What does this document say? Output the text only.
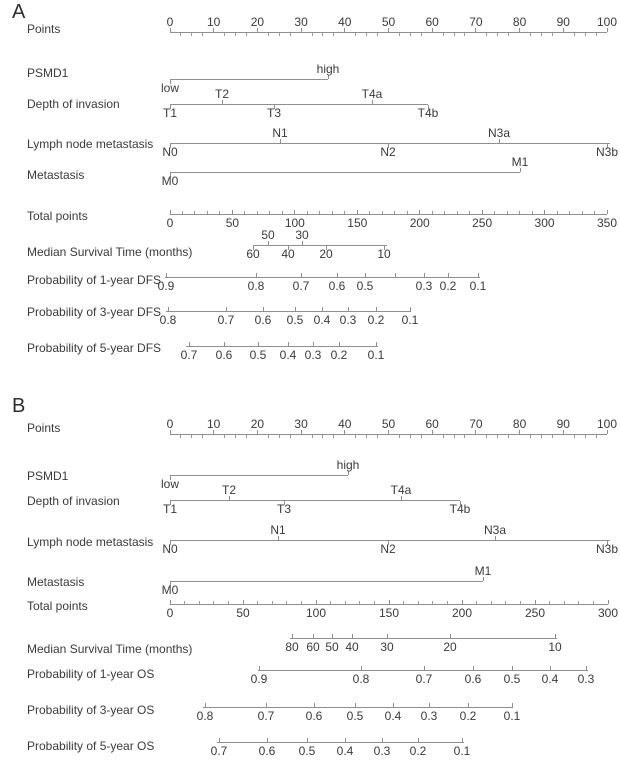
A
Points	0	10	20	30	40	50	60	70	80	90 100
PSMD1
low
high
Depth of invasion
T1
T2
T3
T4a
T4b
Lymph node metastasis
N0
N1
N2
N3a
N3b
Metastasis	M0
M1
Total points	0	50	100	150	200	250	300	350
Median Survival Time (months)	60
50
40
30
20	10
Probability of 1-year DFS
0.9	0.8 0.7 0.6 0.5	0.3 0.2 0.1
Probability of 3-year DFS
0.8	0.7 0.6 0.5 0.4 0.3 0.2 0.1
Probability of 5-year DFS 0.7 0.6 0.5 0.4 0.3 0.2 0.1
B
Points	0	10	20	30	40	50	60	70	80	90 100
PSMD1
low
high
Depth of invasion
T1
T2
T3
T4a
T4b
Lymph node metastasis N0
N1
N2
N3a
N3b
Metastasis
M0
M1
Total points	0	50	100	150	200	250	300
Median Survival Time (months)	80 60 50 40 30	20	10
Probability of 1-year OS	0.9	0.8	0.7	0.6 0.5 0.4 0.3
Probability of 3-year OS	0.8	0.7	0.6 0.5 0.4 0.3 0.2 0.1
Probability of 5-year OS	0.7	0.6 0.5 0.4 0.3 0.2 0.1
